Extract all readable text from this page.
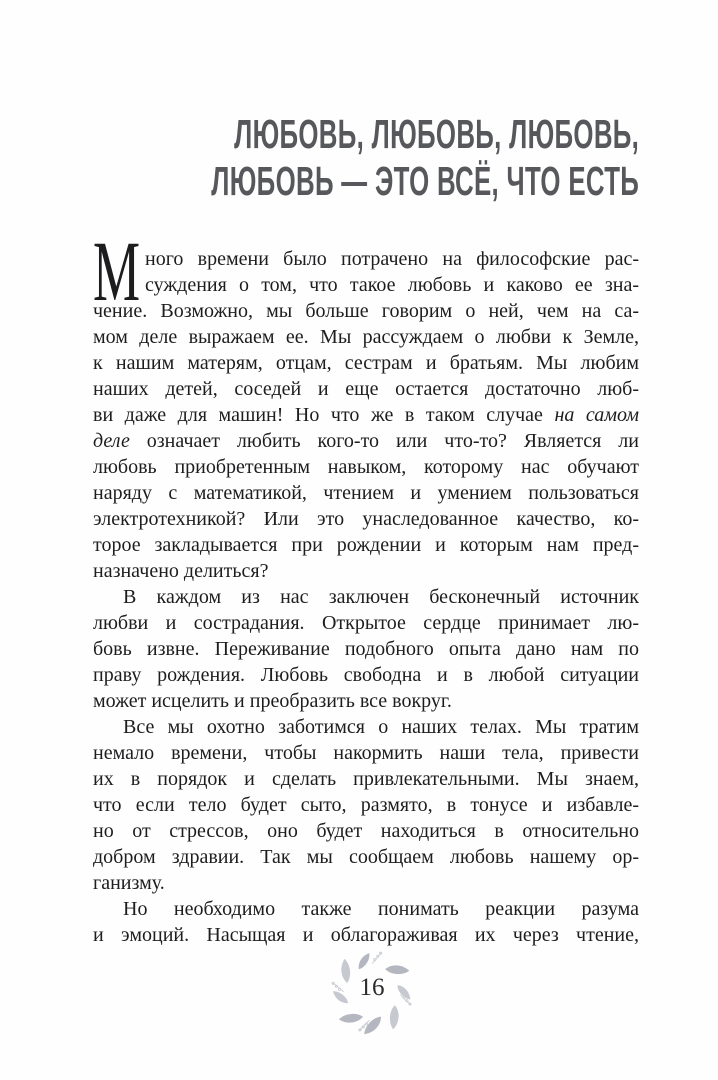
ЛЮБОВЬ, ЛЮБОВЬ, ЛЮБОВЬ,
ЛЮБОВЬ — ЭТО ВСЁ, ЧТО ЕСТЬ
М ного времени было потрачено на философские рас-
суждения о том, что такое любовь и каково ее зна-
чение. Возможно, мы больше говорим о ней, чем на са-
мом деле выражаем ее. Мы рассуждаем о любви к Земле,
к нашим матерям, отцам, сестрам и братьям. Мы любим
наших детей, соседей и еще остается достаточно люб-
ви даже для машин! Но что же в таком случае на самом
деле означает любить кого-то или что-то? Является ли
любовь приобретенным навыком, которому нас обучают
наряду с математикой, чтением и умением пользоваться
электротехникой? Или это унаследованное качество, ко-
торое закладывается при рождении и которым нам пред-
назначено делиться?
В каждом из нас заключен бесконечный источник
любви и сострадания. Открытое сердце принимает лю-
бовь извне. Переживание подобного опыта дано нам по
праву рождения. Любовь свободна и в любой ситуации
может исцелить и преобразить все вокруг.
Все мы охотно заботимся о наших телах. Мы тратим
немало времени, чтобы накормить наши тела, привести
их в порядок и сделать привлекательными. Мы знаем,
что если тело будет сыто, размято, в тонусе и избавле-
но от стрессов, оно будет находиться в относительно
добром здравии. Так мы сообщаем любовь нашему ор-
ганизму.
Но необходимо также понимать реакции разума
и эмоций. Насыщая и облагораживая их через чтение,
16
